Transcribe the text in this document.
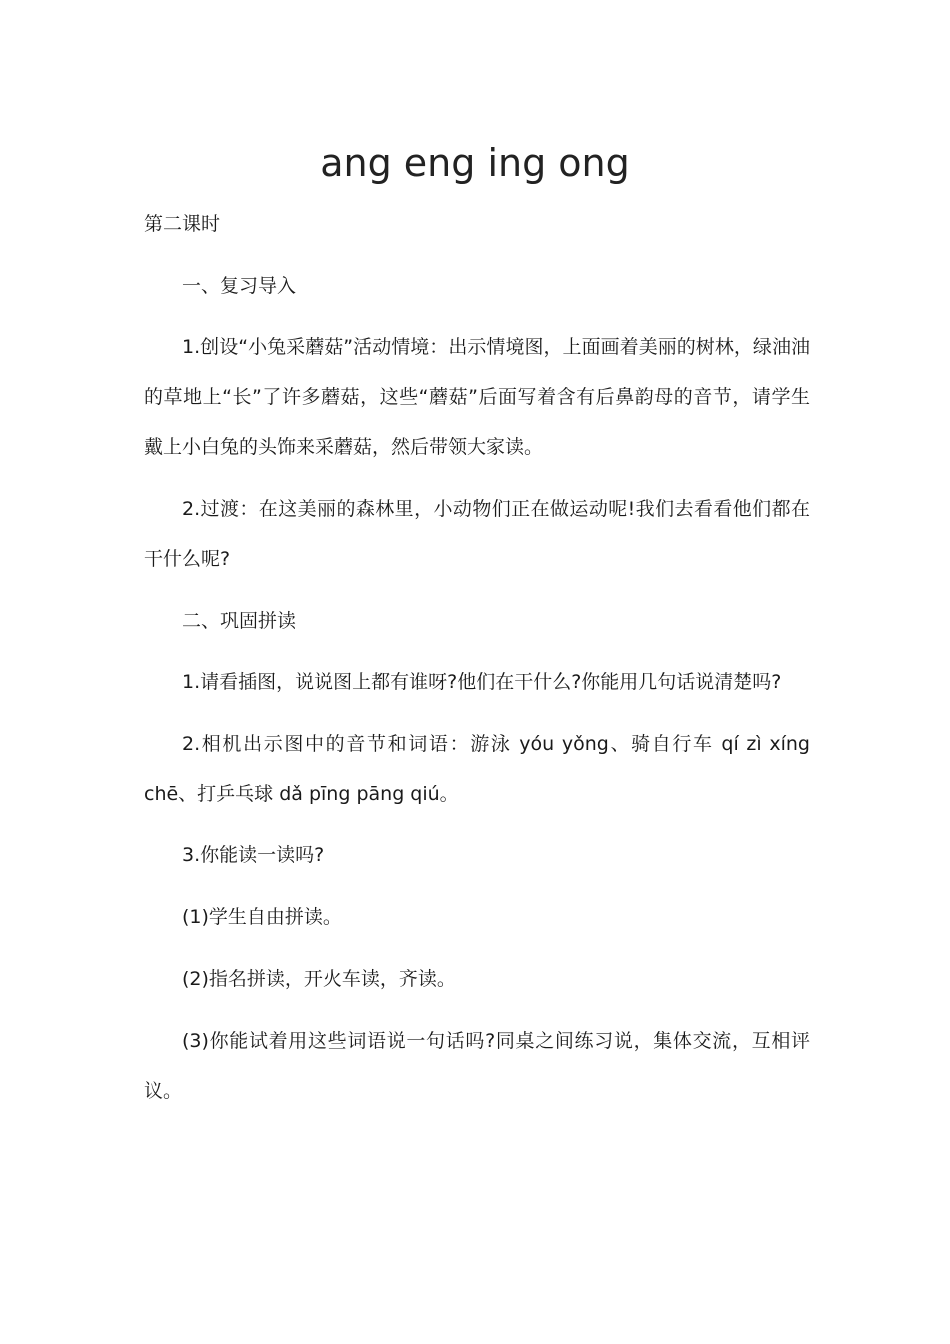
ang eng ing ong

第二课时

一、复习导入

1.创设“小兔采蘑菇”活动情境：出示情境图，上面画着美丽的树林，绿油油的草地上“长”了许多蘑菇，这些“蘑菇”后面写着含有后鼻韵母的音节，请学生戴上小白兔的头饰来采蘑菇，然后带领大家读。

2.过渡：在这美丽的森林里，小动物们正在做运动呢!我们去看看他们都在干什么呢?

二、巩固拼读

1.请看插图，说说图上都有谁呀?他们在干什么?你能用几句话说清楚吗?

2.相机出示图中的音节和词语：游泳 yóu yǒng、骑自行车 qí zì xíng chē、打乒乓球 dǎ pīng pāng qiú。

3.你能读一读吗?

(1)学生自由拼读。

(2)指名拼读，开火车读，齐读。

(3)你能试着用这些词语说一句话吗?同桌之间练习说，集体交流，互相评议。
